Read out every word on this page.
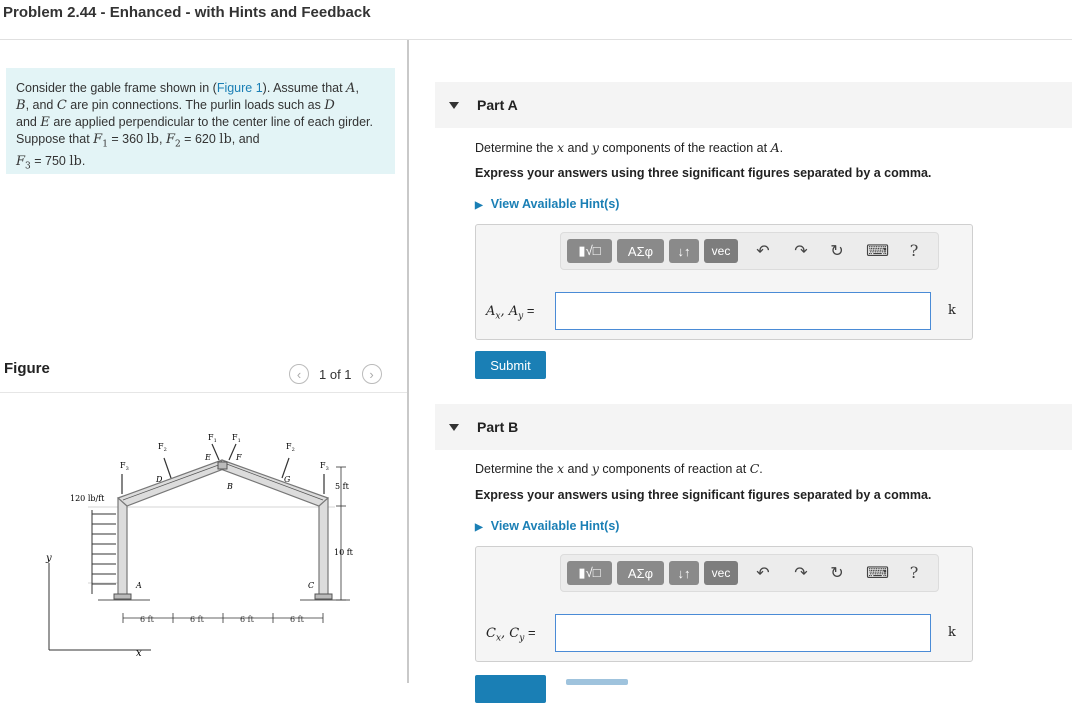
Problem 2.44 - Enhanced - with Hints and Feedback
Consider the gable frame shown in (Figure 1). Assume that A,
B, and C are pin connections. The purlin loads such as D
and E are applied perpendicular to the center line of each girder. Suppose that $F_1 = 360$ lb, $F_2 = 620$ lb, and
$F_3 = 750$ lb.
Figure	‹ 1 of 1 ›
y
x
120 lb/ft
$F_3$
$F_2$
$F_1$ $F_1$
$F_2$
$F_3$
A
B
C
D
E	F
G
5 ft
10 ft
6 ft	6 ft	6 ft	6 ft
Part A
Determine the x and y components of the reaction at A.
Express your answers using three significant figures separated by a comma.
▶ View Available Hint(s)
▮√□	ΑΣφ	↓↑	vec	↶ ↷ ↻ ⌨	?
$A_x$, $A_y$ =	k
Submit
Part B
Determine the x and y components of reaction at C.
Express your answers using three significant figures separated by a comma.
▶ View Available Hint(s)
▮√□	ΑΣφ	↓↑	vec	↶ ↷ ↻ ⌨	?
$C_x$, $C_y$ =	k
